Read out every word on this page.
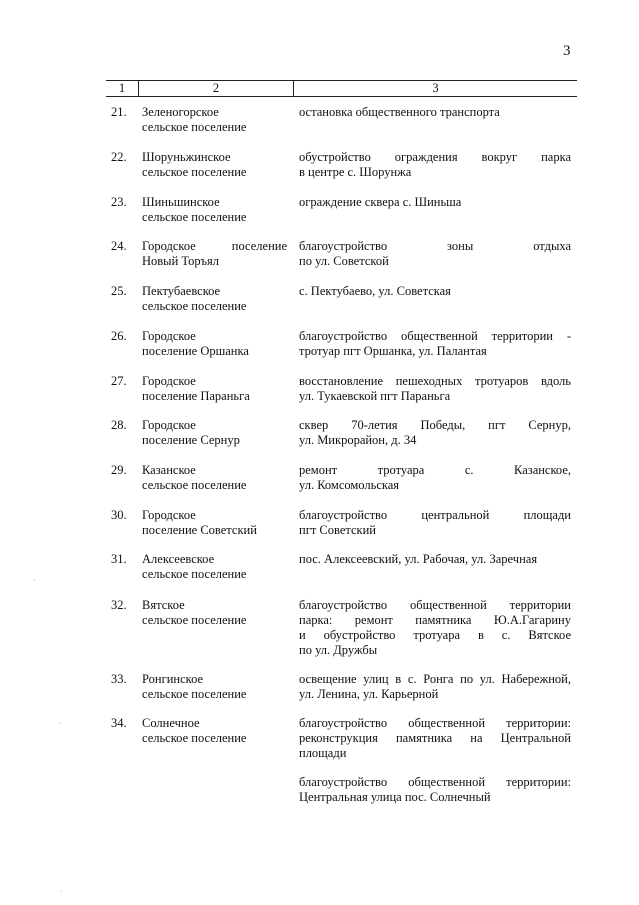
3
1	2	3
21. Зеленогорское
сельское поселение
остановка общественного транспорта
22. Шоруньжинское
сельское поселение
обустройство ограждения вокруг парка
в центре с. Шорунжа
23. Шиньшинское
сельское поселение
ограждение сквера с. Шиньша
24. Городское поселение
Новый Торъял
благоустройство зоны отдыха
по ул. Советской
25. Пектубаевское
сельское поселение
с. Пектубаево, ул. Советская
26. Городское
поселение Оршанка
благоустройство общественной территории -
тротуар пгт Оршанка, ул. Палантая
27. Городское
поселение Параньга
восстановление пешеходных тротуаров вдоль
ул. Тукаевской пгт Параньга
28. Городское
поселение Сернур
сквер 70-летия Победы, пгт Сернур,
ул. Микрорайон, д. 34
29. Казанское
сельское поселение
ремонт тротуара с. Казанское,
ул. Комсомольская
30. Городское
поселение Советский
благоустройство центральной площади
пгт Советский
31. Алексеевское
сельское поселение
пос. Алексеевский, ул. Рабочая, ул. Заречная
32. Вятское
сельское поселение
благоустройство общественной территории
парка: ремонт памятника Ю.А.Гагарину
и обустройство тротуара в с. Вятское
по ул. Дружбы
33. Ронгинское
сельское поселение
освещение улиц в с. Ронга по ул. Набережной,
ул. Ленина, ул. Карьерной
34. Солнечное
сельское поселение
благоустройство общественной территории:
реконструкция памятника на Центральной
площади
благоустройство общественной территории:
Центральная улица пос. Солнечный
·
·
·
